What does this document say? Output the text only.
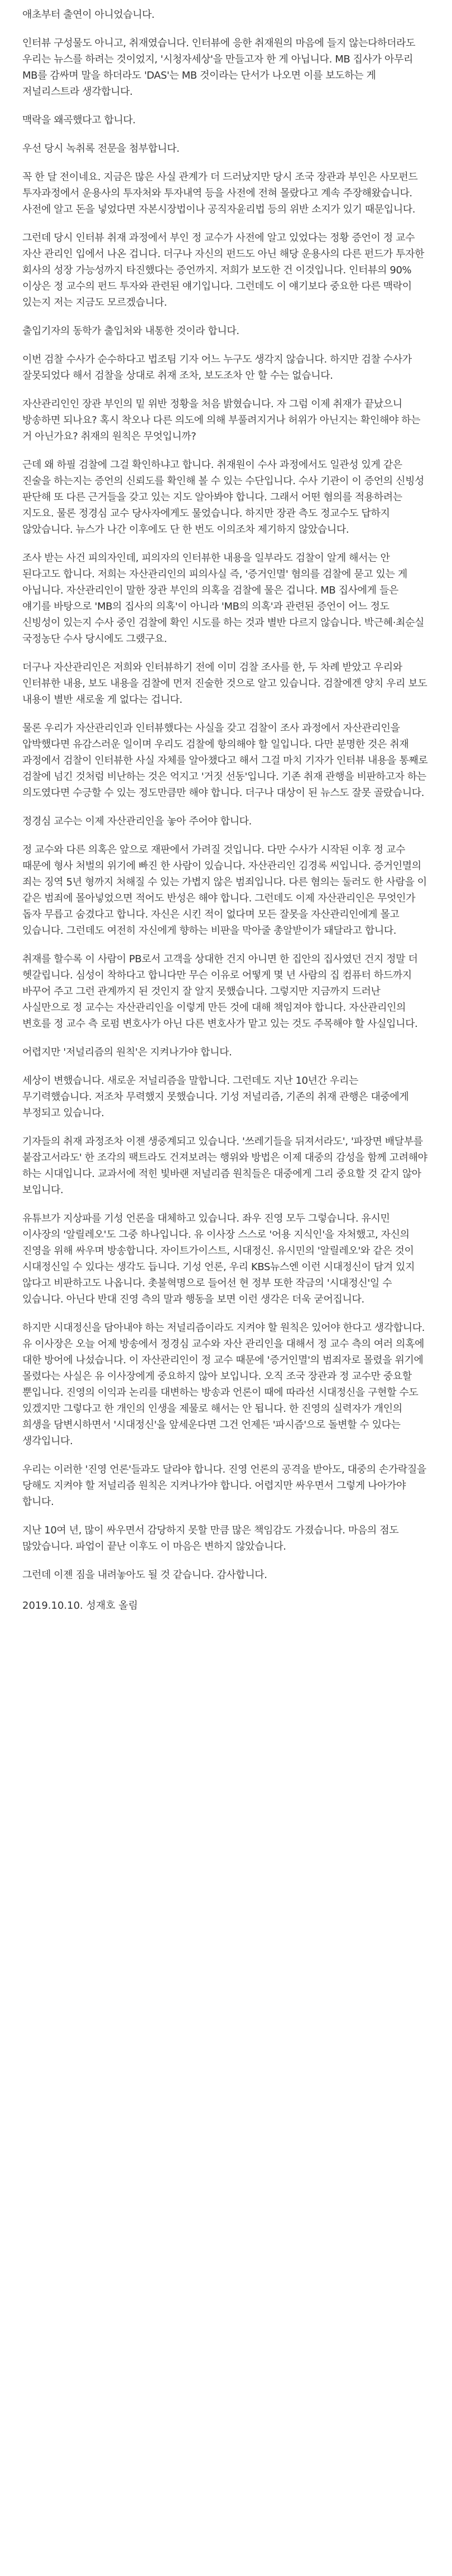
애초부터 출연이 아니었습니다.

인터뷰 구성물도 아니고, 취재였습니다. 인터뷰에 응한 취재원의 마음에 들지 않는다하더라도 우리는 뉴스를 하려는 것이었지, '시청자세상'을 만들고자 한 게 아닙니다. MB 집사가 아무리 MB를 감싸며 말을 하더라도 'DAS'는 MB 것이라는 단서가 나오면 이를 보도하는 게 저널리스트라 생각합니다.

맥락을 왜곡했다고 합니다.

우선 당시 녹취록 전문을 첨부합니다.

꼭 한 달 전이네요. 지금은 많은 사실 관계가 더 드러났지만 당시 조국 장관과 부인은 사모펀드 투자과정에서 운용사의 투자처와 투자내역 등을 사전에 전혀 몰랐다고 계속 주장해왔습니다. 사전에 알고 돈을 넣었다면 자본시장법이나 공직자윤리법 등의 위반 소지가 있기 때문입니다.

그런데 당시 인터뷰 취재 과정에서 부인 정 교수가 사전에 알고 있었다는 정황 증언이 정 교수 자산 관리인 입에서 나온 겁니다. 더구나 자신의 펀드도 아닌 해당 운용사의 다른 펀드가 투자한 회사의 성장 가능성까지 타진했다는 증언까지. 저희가 보도한 건 이것입니다. 인터뷰의 90% 이상은 정 교수의 펀드 투자와 관련된 얘기입니다. 그런데도 이 얘기보다 중요한 다른 맥락이 있는지 저는 지금도 모르겠습니다.

출입기자의 동학가 출입처와 내통한 것이라 합니다.

이번 검찰 수사가 순수하다고 법조팀 기자 어느 누구도 생각지 않습니다. 하지만 검찰 수사가 잘못되었다 해서 검찰을 상대로 취재 조차, 보도조차 안 할 수는 없습니다.

자산관리인인 장관 부인의 밑 위반 정황을 처음 밝혔습니다. 자 그럼 이제 취재가 끝났으니 방송하면 되나요? 혹시 착오나 다른 의도에 의해 부풀려지거나 허위가 아닌지는 확인해야 하는 거 아닌가요? 취재의 원칙은 무엇입니까?

근데 왜 하필 검찰에 그걸 확인하냐고 합니다. 취재원이 수사 과정에서도 일관성 있게 같은 진술을 하는지는 증언의 신뢰도를 확인해 볼 수 있는 수단입니다. 수사 기관이 이 증언의 신빙성 판단해 또 다른 근거들을 갖고 있는 지도 알아봐야 합니다. 그래서 어떤 혐의를 적용하려는 지도요. 물론 정경심 교수 당사자에게도 물었습니다. 하지만 장관 측도 정교수도 답하지 않았습니다. 뉴스가 나간 이후에도 단 한 번도 이의조차 제기하지 않았습니다.

조사 받는 사건 피의자인데, 피의자의 인터뷰한 내용을 일부라도 검찰이 알게 해서는 안 된다고도 합니다. 저희는 자산관리인의 피의사실 즉, '증거인멸' 혐의를 검찰에 묻고 있는 게 아닙니다. 자산관리인이 말한 장관 부인의 의혹을 검찰에 물은 겁니다. MB 집사에게 들은 얘기를 바탕으로 'MB의 집사의 의혹'이 아니라 'MB의 의혹'과 관련된 증언이 어느 정도 신빙성이 있는지 수사 중인 검찰에 확인 시도를 하는 것과 별반 다르지 않습니다. 박근혜·최순실 국정농단 수사 당시에도 그랬구요.

더구나 자산관리인은 저희와 인터뷰하기 전에 이미 검찰 조사를 한, 두 차례 받았고 우리와 인터뷰한 내용, 보도 내용을 검찰에 먼저 진술한 것으로 알고 있습니다. 검찰에겐 양치 우리 보도 내용이 별반 새로울 게 없다는 겁니다.

물론 우리가 자산관리인과 인터뷰했다는 사실을 갖고 검찰이 조사 과정에서 자산관리인을 압박했다면 유감스러운 일이며 우리도 검찰에 항의해야 할 일입니다. 다만 분명한 것은 취재 과정에서 검찰이 인터뷰한 사실 자체를 알아챘다고 해서 그걸 마치 기자가 인터뷰 내용을 통째로 검찰에 넘긴 것처럼 비난하는 것은 억지고 '거짓 선동'입니다. 기존 취재 관행을 비판하고자 하는 의도였다면 수긍할 수 있는 정도만큼만 해야 합니다. 더구나 대상이 된 뉴스도 잘못 골랐습니다.

정경심 교수는 이제 자산관리인을 놓아 주어야 합니다.

정 교수와 다른 의혹은 앞으로 재판에서 가려질 것입니다. 다만 수사가 시작된 이후 정 교수 때문에 형사 처벌의 위기에 빠진 한 사람이 있습니다. 자산관리인 김경록 씨입니다. 증거인멸의 죄는 징역 5년 형까지 처해질 수 있는 가볍지 않은 범죄입니다. 다른 혐의는 둘러도 한 사람을 이 같은 범죄에 몰아넣었으면 적어도 반성은 해야 합니다. 그런데도 이제 자산관리인은 무엇인가 돕자 무릅고 숨겼다고 합니다. 자신은 시킨 적이 없다며 모든 잘못을 자산관리인에게 몰고 있습니다. 그런데도 여전히 자신에게 향하는 비판을 막아줄 총알받이가 돼달라고 합니다.

취재를 할수록 이 사람이 PB로서 고객을 상대한 건지 아니면 한 집안의 집사였던 건지 정말 더 헷갈립니다. 심성이 착하다고 합니다만 무슨 이유로 어떻게 몇 년 사람의 집 컴퓨터 하드까지 바꾸어 주고 그런 관계까지 된 것인지 잘 알지 못했습니다. 그렇지만 지금까지 드러난 사실만으로 정 교수는 자산관리인을 이렇게 만든 것에 대해 책임져야 합니다. 자산관리인의 변호를 정 교수 측 로펌 변호사가 아닌 다른 변호사가 맡고 있는 것도 주목해야 할 사실입니다.

어렵지만 '저널리즘의 원칙'은 지켜나가야 합니다.

세상이 변했습니다. 새로운 저널리즘을 말합니다. 그런데도 지난 10년간 우리는 무기력했습니다. 저조차 무력했지 못했습니다. 기성 저널리즘, 기존의 취재 관행은 대중에게 부정되고 있습니다.

기자들의 취재 과정조차 이젠 생중계되고 있습니다. '쓰레기들을 뒤져서라도', '파장면 배달부를 붙잡고서라도' 한 조각의 팩트라도 건져보려는 행위와 방법은 이제 대중의 감성을 함께 고려해야 하는 시대입니다. 교과서에 적힌 빛바랜 저널리즘 원칙들은 대중에게 그리 중요할 것 같지 않아 보입니다.

유튜브가 지상파를 기성 언론을 대체하고 있습니다. 좌우 진영 모두 그렇습니다. 유시민 이사장의 '알릴레오'도 그중 하나입니다. 유 이사장 스스로 '어용 지식인'을 자처했고, 자신의 진영을 위해 싸우며 방송합니다. 자이트가이스트, 시대정신. 유시민의 '알릴레오'와 같은 것이 시대정신일 수 있다는 생각도 듭니다. 기성 언론, 우리 KBS뉴스엔 이런 시대정신이 담겨 있지 않다고 비판하고도 나옵니다. 촛불혁명으로 들어선 현 정부 또한 작금의 '시대정신'일 수 있습니다. 아닌다 반대 진영 측의 말과 행동을 보면 이런 생각은 더욱 굳어집니다.

하지만 시대정신을 담아내야 하는 저널리즘이라도 지켜야 할 원칙은 있어야 한다고 생각합니다. 유 이사장은 오늘 어제 방송에서 정경심 교수와 자산 관리인을 대해서 정 교수 측의 여러 의혹에 대한 방어에 나섰습니다. 이 자산관리인이 정 교수 때문에 '증거인멸'의 범죄자로 몰렸을 위기에 몰렸다는 사실은 유 이사장에게 중요하지 않아 보입니다. 오직 조국 장관과 정 교수만 중요할 뿐입니다. 진영의 이익과 논리를 대변하는 방송과 언론이 때에 따라선 시대정신을 구현할 수도 있겠지만 그렇다고 한 개인의 인생을 제물로 해서는 안 됩니다. 한 진영의 실력자가 개인의 희생을 담변시하면서 '시대정신'을 앞세운다면 그건 언제든 '파시즘'으로 돌변할 수 있다는 생각입니다.

우리는 이러한 '진영 언론'들과도 달라야 합니다. 진영 언론의 공격을 받아도, 대중의 손가락질을 당해도 지켜야 할 저널리즘 원칙은 지켜나가야 합니다. 어렵지만 싸우면서 그렇게 나아가야 합니다.

지난 10여 년, 많이 싸우면서 감당하지 못할 만큼 많은 책임감도 가졌습니다. 마음의 점도 많았습니다. 파업이 끝난 이후도 이 마음은 변하지 않았습니다.

그런데 이젠 짐을 내려놓아도 될 것 같습니다. 감사합니다.

2019.10.10. 성재호 올림
